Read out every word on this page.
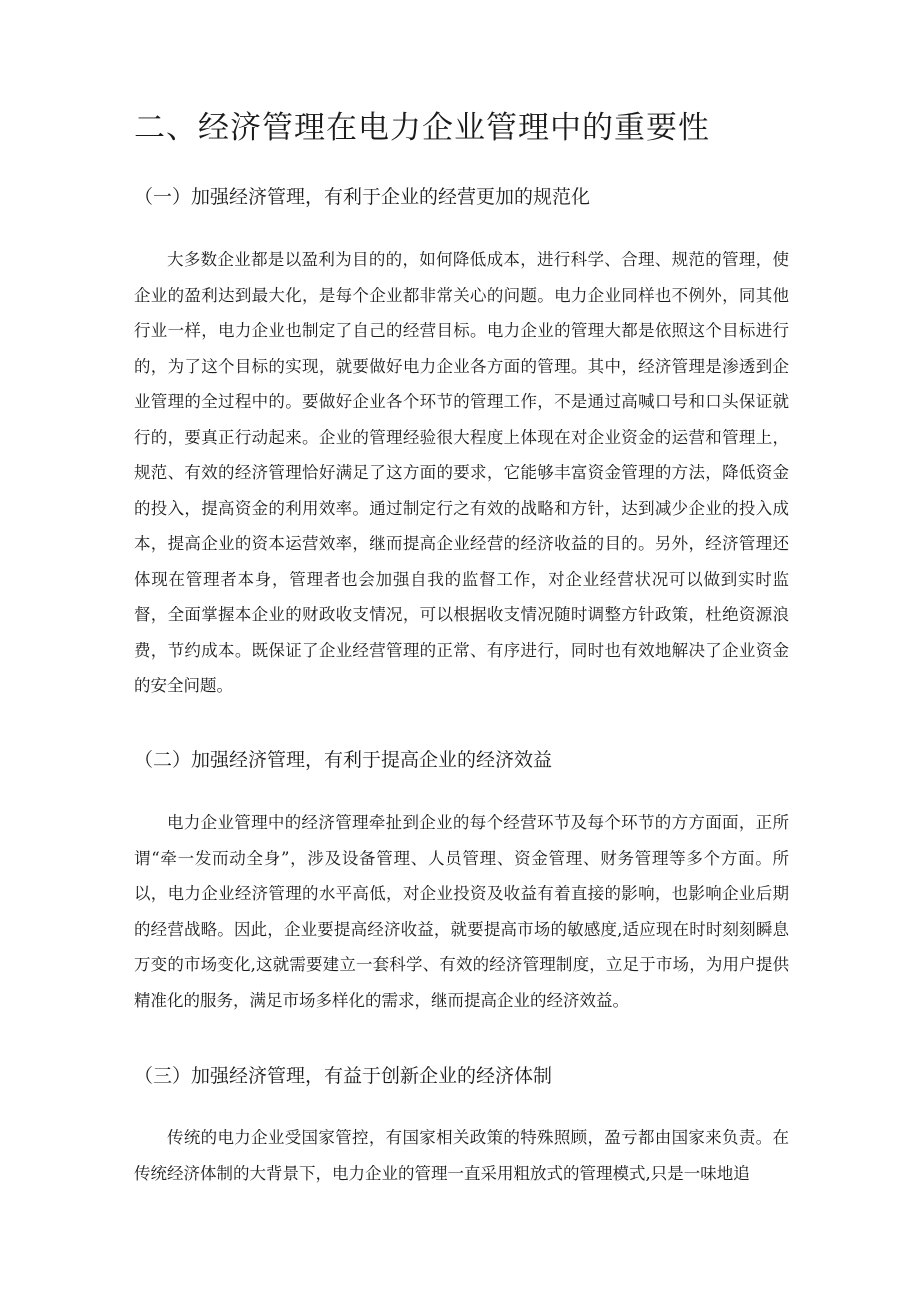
二、经济管理在电力企业管理中的重要性
（一）加强经济管理，有利于企业的经营更加的规范化

大多数企业都是以盈利为目的的，如何降低成本，进行科学、合理、规范的管理，使企业的盈利达到最大化，是每个企业都非常关心的问题。电力企业同样也不例外，同其他行业一样，电力企业也制定了自己的经营目标。电力企业的管理大都是依照这个目标进行的，为了这个目标的实现，就要做好电力企业各方面的管理。其中，经济管理是渗透到企业管理的全过程中的。要做好企业各个环节的管理工作，不是通过高喊口号和口头保证就行的，要真正行动起来。企业的管理经验很大程度上体现在对企业资金的运营和管理上，规范、有效的经济管理恰好满足了这方面的要求，它能够丰富资金管理的方法，降低资金的投入，提高资金的利用效率。通过制定行之有效的战略和方针，达到减少企业的投入成本，提高企业的资本运营效率，继而提高企业经营的经济收益的目的。另外，经济管理还体现在管理者本身，管理者也会加强自我的监督工作，对企业经营状况可以做到实时监督，全面掌握本企业的财政收支情况，可以根据收支情况随时调整方针政策，杜绝资源浪费，节约成本。既保证了企业经营管理的正常、有序进行，同时也有效地解决了企业资金的安全问题。

（二）加强经济管理，有利于提高企业的经济效益

电力企业管理中的经济管理牵扯到企业的每个经营环节及每个环节的方方面面，正所谓“牵一发而动全身”，涉及设备管理、人员管理、资金管理、财务管理等多个方面。所以，电力企业经济管理的水平高低，对企业投资及收益有着直接的影响，也影响企业后期的经营战略。因此，企业要提高经济收益，就要提高市场的敏感度,适应现在时时刻刻瞬息万变的市场变化,这就需要建立一套科学、有效的经济管理制度，立足于市场，为用户提供精准化的服务，满足市场多样化的需求，继而提高企业的经济效益。

（三）加强经济管理，有益于创新企业的经济体制

传统的电力企业受国家管控，有国家相关政策的特殊照顾，盈亏都由国家来负责。在传统经济体制的大背景下，电力企业的管理一直采用粗放式的管理模式,只是一味地追
